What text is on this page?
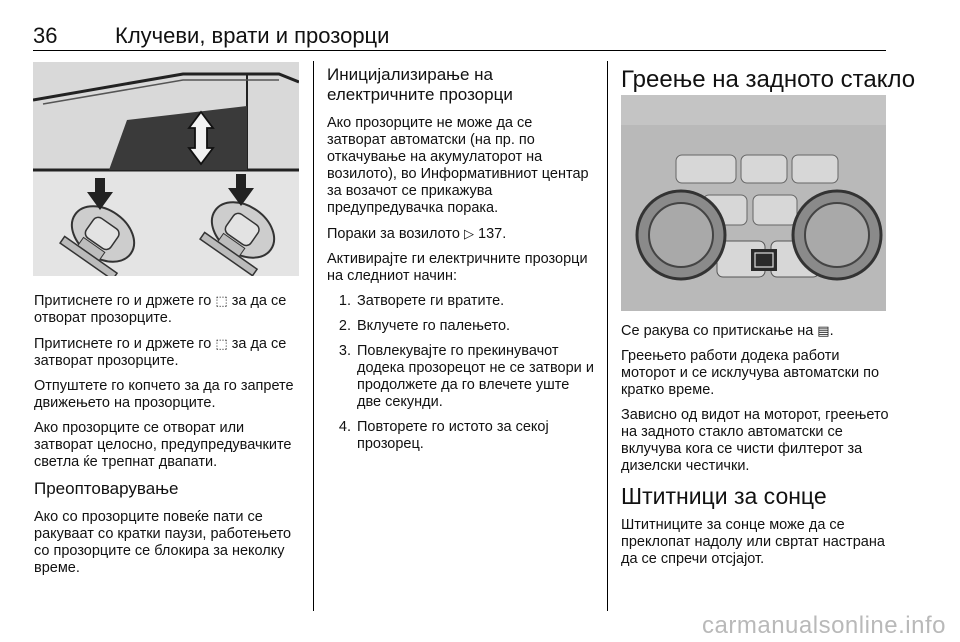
36	Клучеви, врати и прозорци

Притиснете го и држете го ⬚ за да се отворат прозорците.

Притиснете го и држете го ⬚ за да се затворат прозорците.

Отпуштете го копчето за да го запрете движењето на прозорците.

Ако прозорците се отворат или затворат целосно, предупредувачките светла ќе трепнат двапати.

Преоптоварување

Ако со прозорците повеќе пати се ракуваат со кратки паузи, работењето со прозорците се блокира за неколку време.

Иницијализирање на електричните прозорци

Ако прозорците не може да се затворат автоматски (на пр. по откачување на акумулаторот на возилото), во Информативниот центар за возачот се прикажува предупредувачка порака.

Пораки за возилото ▷ 137.

Активирајте ги електричните прозорци на следниот начин:

1. Затворете ги вратите.
2. Вклучете го палењето.
3. Повлекувајте го прекинувачот додека прозорецот не се затвори и продолжете да го влечете уште две секунди.
4. Повторете го истото за секој прозорец.
Греење на задното стакло

Се ракува со притискање на ▤.

Греењето работи додека работи моторот и се исклучува автоматски по кратко време.

Зависно од видот на моторот, греењето на задното стакло автоматски се вклучува кога се чисти филтерот за дизелски честички.

Штитници за сонце

Штитниците за сонце може да се преклопат надолу или свртат настрана да се спречи отсјајот.

carmanualsonline.info
